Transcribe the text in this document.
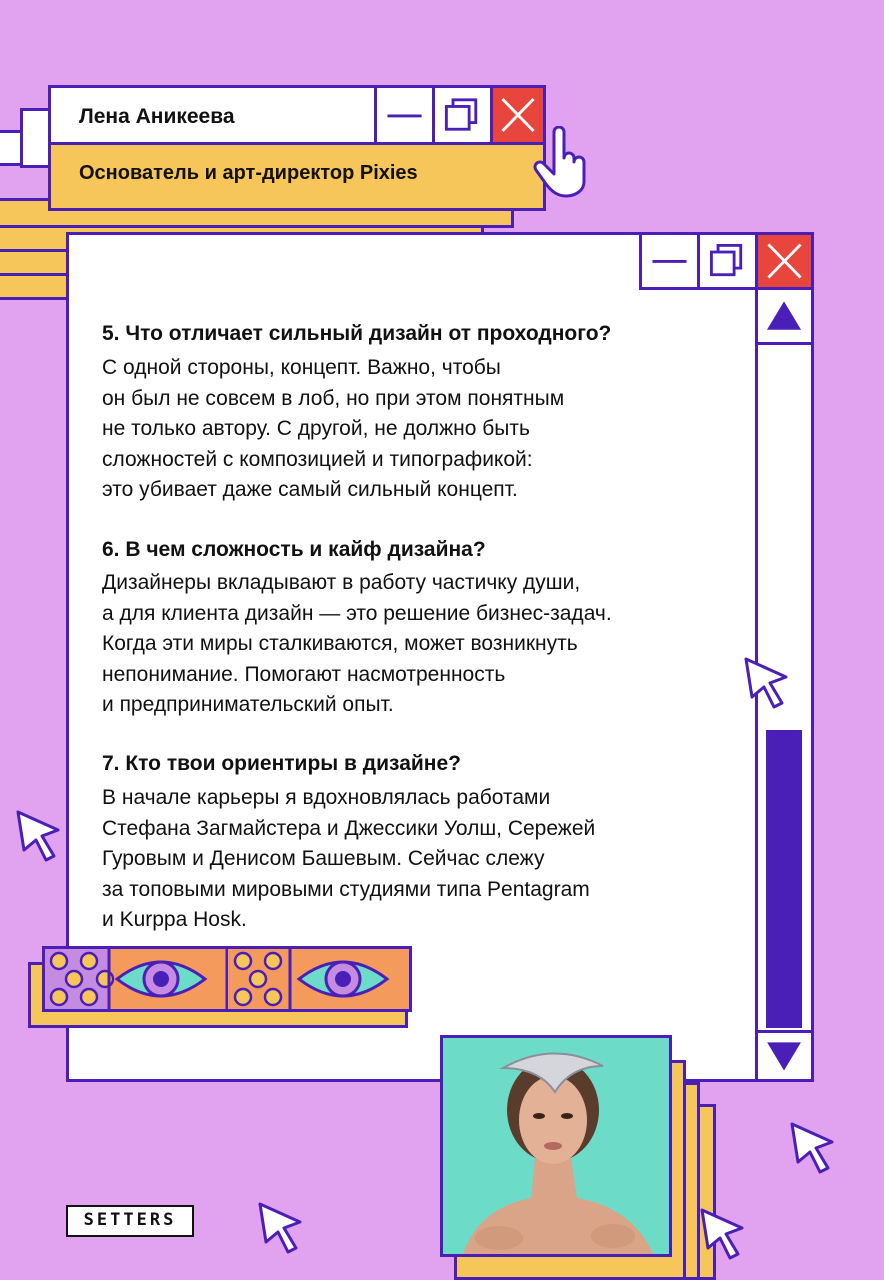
Лена Аникеева
Основатель и арт-директор Pixies
5. Что отличает сильный дизайн от проходного?
С одной стороны, концепт. Важно, чтобы
он был не совсем в лоб, но при этом понятным
не только автору. С другой, не должно быть
сложностей с композицией и типографикой:
это убивает даже самый сильный концепт.
6. В чем сложность и кайф дизайна?
Дизайнеры вкладывают в работу частичку души,
а для клиента дизайн — это решение бизнес-задач.
Когда эти миры сталкиваются, может возникнуть
непонимание. Помогают насмотренность
и предпринимательский опыт.
7. Кто твои ориентиры в дизайне?
В начале карьеры я вдохновлялась работами
Стефана Загмайстера и Джессики Уолш, Сережей
Гуровым и Денисом Башевым. Сейчас слежу
за топовыми мировыми студиями типа Pentagram
и Kurppa Hosk.
SETTERS
